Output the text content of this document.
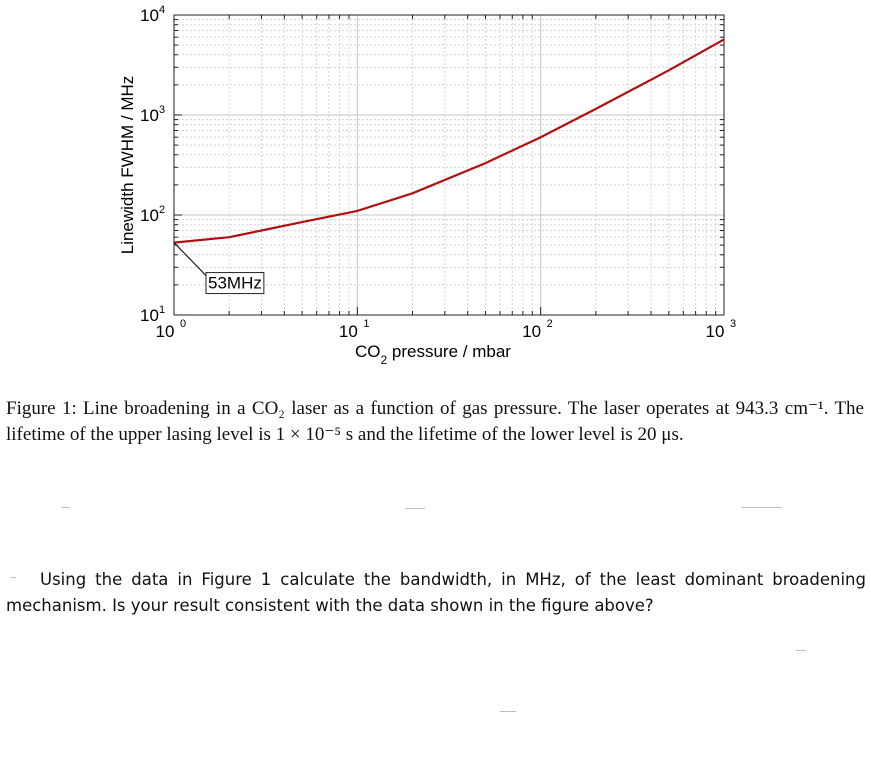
10 0	10 1	10 2	10 3
10 1
10 2
10 3
10 4
53MHz
$CO_2$ pressure / mbar
Linewidth FWHM / MHz
Figure 1: Line broadening in a CO₂ laser as a function of gas pressure. The laser operates at 943.3 cm⁻¹. The lifetime of the upper lasing level is 1 × 10⁻⁵ s and the lifetime of the lower level is 20 μs.
Using the data in Figure 1 calculate the bandwidth, in MHz, of the least dominant broadening mechanism. Is your result consistent with the data shown in the figure above?
